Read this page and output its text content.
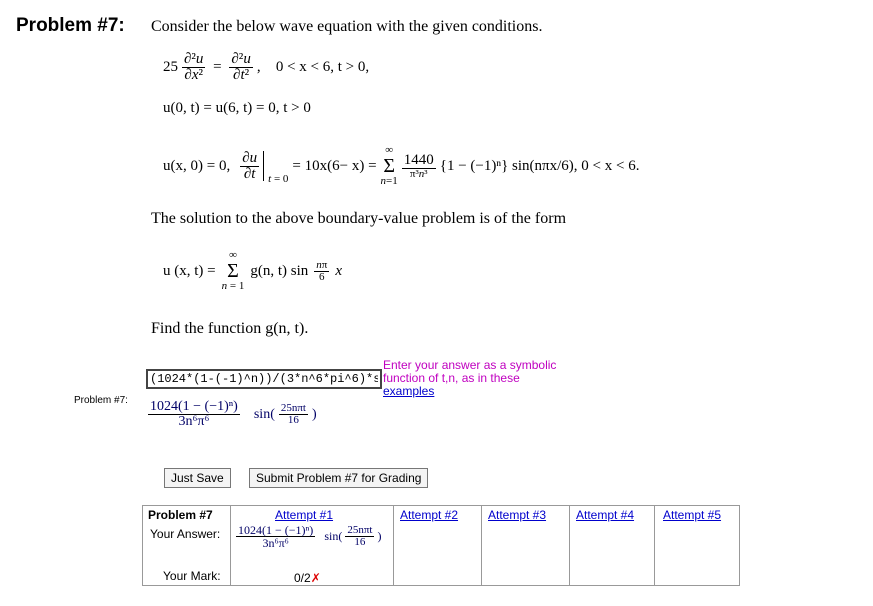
Problem #7: Consider the below wave equation with the given conditions.
$25 \frac{\text{∂²u}}{\text{∂x²}} = \frac{\text{∂²u}}{\text{∂t²}}$ , 0 < x < 6, t > 0,
u(0, t) = u(6, t) = 0, t > 0
u(x, 0) = 0, $\frac{\partial u}{\partial t}$ t = 0
= 10x(6− x) =
∞
Σ
n=1
$\frac{1440}{\text{π³n³}} \{1 - (-1)^n\}$ sin(nπx/6), 0 < x < 6.
The solution to the above boundary-value problem is of the form
u (x, t) =
∞
Σ
n = 1
g(n, t) $\sin \frac{n\pi}{6}$ x
Find the function g(n, t).
Problem #7:
(1024*(1-(-1)^n))/(3*n^6*pi^6)*sin((25*n*pi*t)/16)
Enter your answer as a symbolic function of t,n, as in these
examples
$\frac{\text{1024(1 − (−1)ⁿ)}}{\text{3n⁶π⁶}} \sin( \frac{\text{25nπt}}{16}$ )
Just Save	Submit Problem #7 for Grading
Problem #7	Attempt #1	Attempt #2 Attempt #3 Attempt #4 Attempt #5
Your Answer: $\frac{\text{1024(1 − (−1)ⁿ)}}{\text{3n⁶π⁶}} \sin( \frac{\text{25nπt}}{16}$ )
Your Mark:	0/2✗
